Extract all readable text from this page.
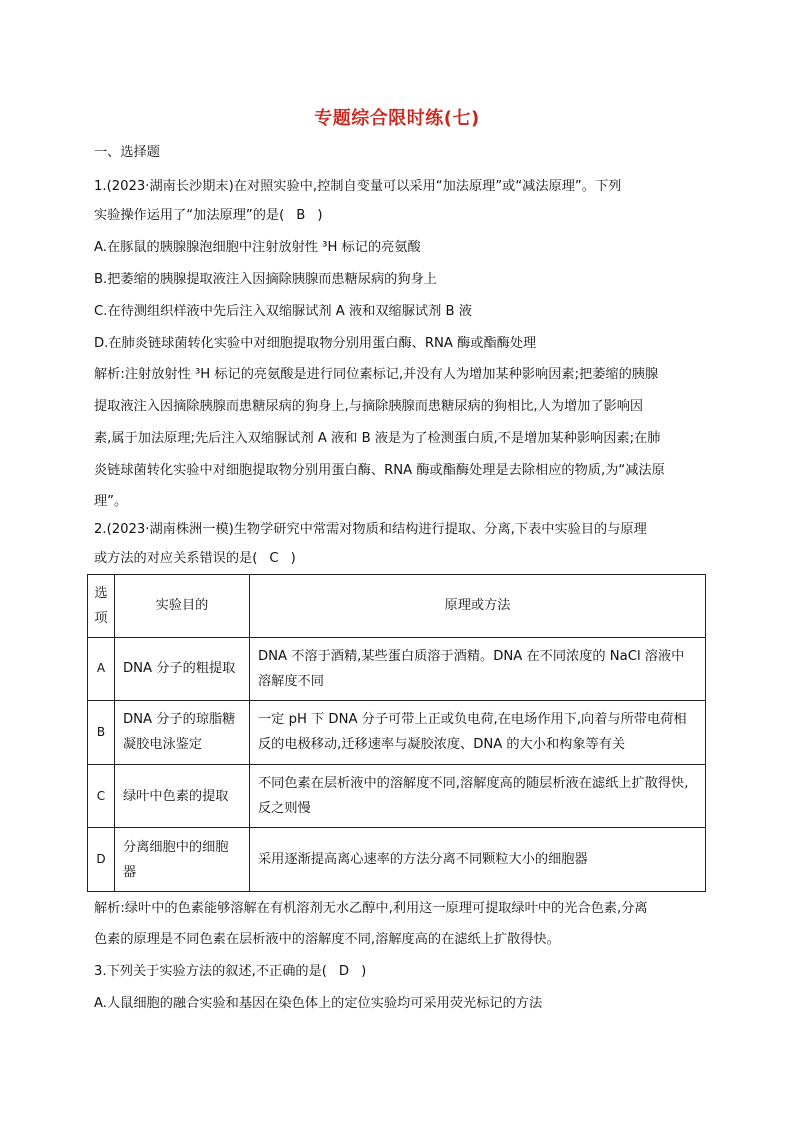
专题综合限时练(七)
一、选择题
1.(2023·湖南长沙期末)在对照实验中,控制自变量可以采用“加法原理”或“减法原理”。下列
实验操作运用了“加法原理”的是( B )
A.在豚鼠的胰腺腺泡细胞中注射放射性 ³H 标记的亮氨酸
B.把萎缩的胰腺提取液注入因摘除胰腺而患糖尿病的狗身上
C.在待测组织样液中先后注入双缩脲试剂 A 液和双缩脲试剂 B 液
D.在肺炎链球菌转化实验中对细胞提取物分别用蛋白酶、RNA 酶或酯酶处理
解析:注射放射性 ³H 标记的亮氨酸是进行同位素标记,并没有人为增加某种影响因素;把萎缩的胰腺
提取液注入因摘除胰腺而患糖尿病的狗身上,与摘除胰腺而患糖尿病的狗相比,人为增加了影响因
素,属于加法原理;先后注入双缩脲试剂 A 液和 B 液是为了检测蛋白质,不是增加某种影响因素;在肺
炎链球菌转化实验中对细胞提取物分别用蛋白酶、RNA 酶或酯酶处理是去除相应的物质,为“减法原
理”。
2.(2023·湖南株洲一模)生物学研究中常需对物质和结构进行提取、分离,下表中实验目的与原理
或方法的对应关系错误的是( C )
选项	实验目的	原理或方法
A	DNA 分子的粗提取	DNA 不溶于酒精,某些蛋白质溶于酒精。DNA 在不同浓度的 NaCl 溶液中溶解度不同
B	DNA 分子的琼脂糖凝胶电泳鉴定	一定 pH 下 DNA 分子可带上正或负电荷,在电场作用下,向着与所带电荷相反的电极移动,迁移速率与凝胶浓度、DNA 的大小和构象等有关
C	绿叶中色素的提取	不同色素在层析液中的溶解度不同,溶解度高的随层析液在滤纸上扩散得快,反之则慢
D	分离细胞中的细胞器	采用逐渐提高离心速率的方法分离不同颗粒大小的细胞器
解析:绿叶中的色素能够溶解在有机溶剂无水乙醇中,利用这一原理可提取绿叶中的光合色素,分离
色素的原理是不同色素在层析液中的溶解度不同,溶解度高的在滤纸上扩散得快。
3.下列关于实验方法的叙述,不正确的是( D )
A.人鼠细胞的融合实验和基因在染色体上的定位实验均可采用荧光标记的方法
